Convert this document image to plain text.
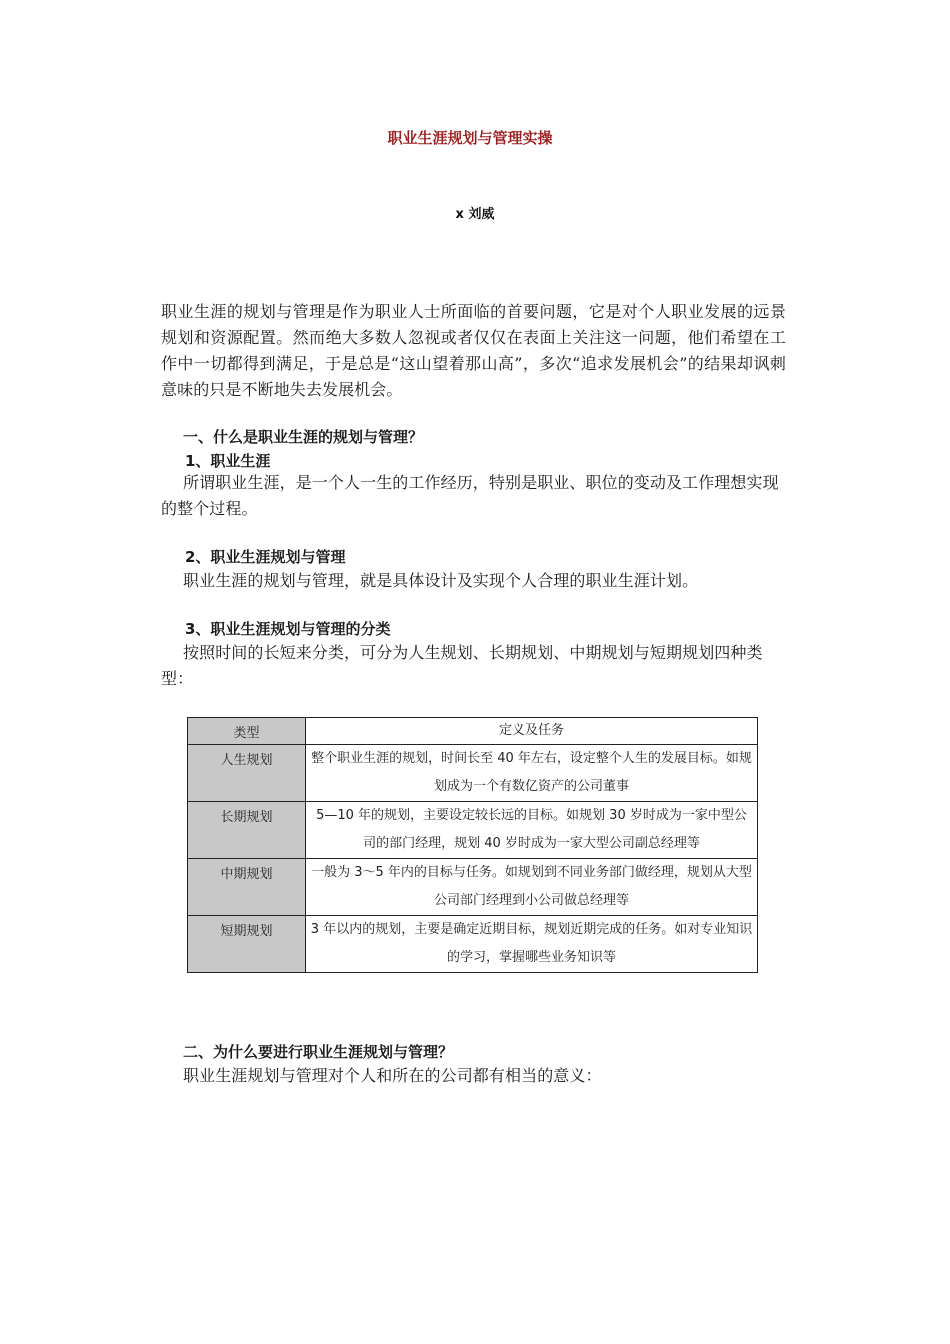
职业生涯规划与管理实操
x 刘威

职业生涯的规划与管理是作为职业人士所面临的首要问题，它是对个人职业发展的远景规划和资源配置。然而绝大多数人忽视或者仅仅在表面上关注这一问题，他们希望在工作中一切都得到满足，于是总是“这山望着那山高”，多次“追求发展机会”的结果却讽刺意味的只是不断地失去发展机会。

一、什么是职业生涯的规划与管理？
1、职业生涯

所谓职业生涯，是一个人一生的工作经历，特别是职业、职位的变动及工作理想实现的整个过程。

2、职业生涯规划与管理

职业生涯的规划与管理，就是具体设计及实现个人合理的职业生涯计划。

3、职业生涯规划与管理的分类

按照时间的长短来分类，可分为人生规划、长期规划、中期规划与短期规划四种类型：

类型	定义及任务
人生规划	整个职业生涯的规划，时间长至 40 年左右，设定整个人生的发展目标。如规划成为一个有数亿资产的公司董事
长期规划	5—10 年的规划，主要设定较长远的目标。如规划 30 岁时成为一家中型公司的部门经理，规划 40 岁时成为一家大型公司副总经理等
中期规划	一般为 3～5 年内的目标与任务。如规划到不同业务部门做经理，规划从大型公司部门经理到小公司做总经理等
短期规划	3 年以内的规划，主要是确定近期目标，规划近期完成的任务。如对专业知识的学习，掌握哪些业务知识等
二、为什么要进行职业生涯规划与管理？

职业生涯规划与管理对个人和所在的公司都有相当的意义：
